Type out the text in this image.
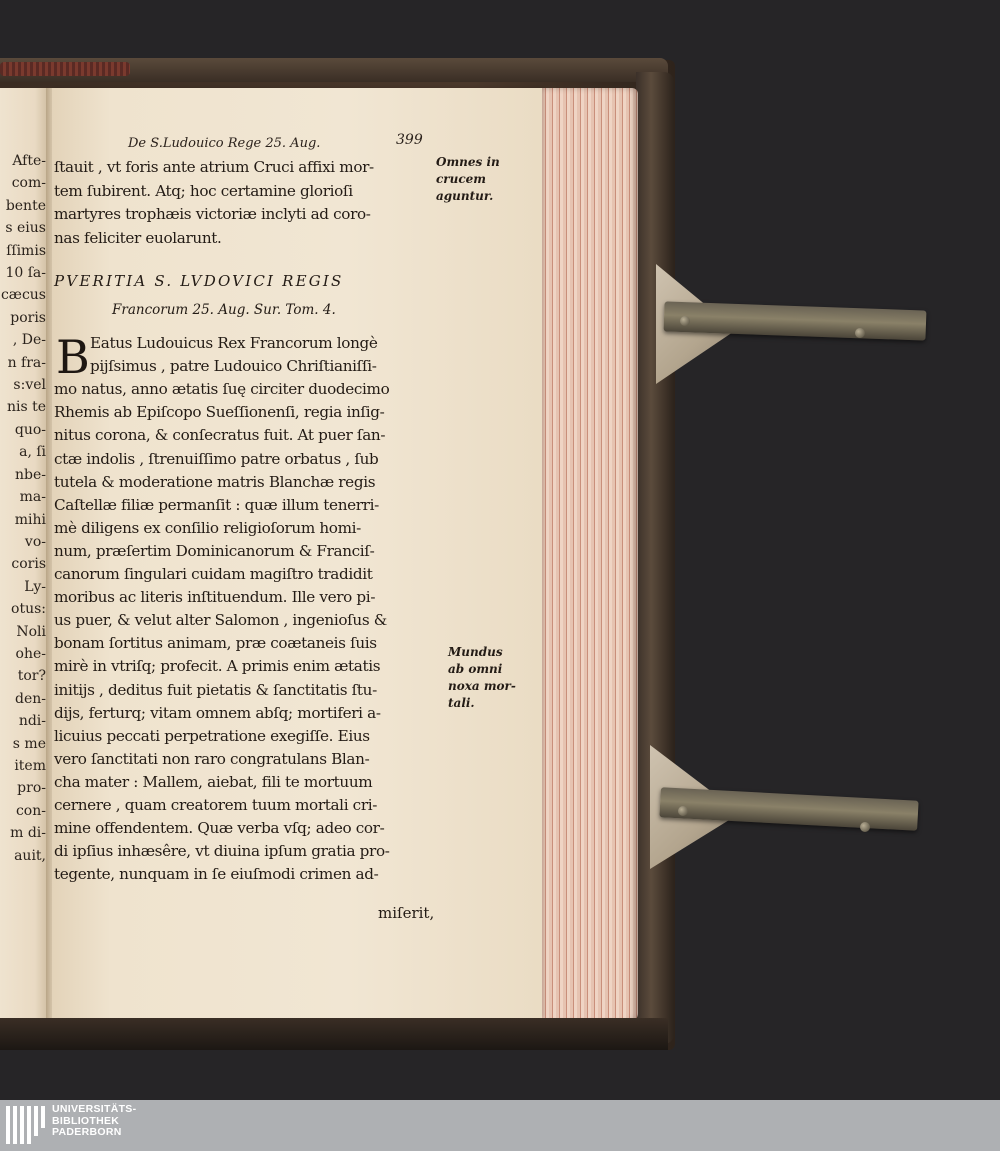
Afte-
com-
bente
s eius
ſſimis
10 ſa-
cæcus
poris
, De-
n fra-
s:vel
nis te
quo-
a, ſi
nbe-
ma-
mihi
vo-
coris
Ly-
otus:
Noli
ohe-
tor?
den-
ndi-
s me
item
pro-
con-
m di-
auit,
De S.Ludouico Rege 25. Aug.	399
ſtauit , vt foris ante atrium Cruci affixi mor-
tem ſubirent. Atq; hoc certamine glorioſi
martyres trophæis victoriæ inclyti ad coro-
nas feliciter euolarunt.
PVERITIA S. LVDOVICI REGIS
Francorum 25. Aug. Sur. Tom. 4.
B Eatus Ludouicus Rex Francorum longè
pijſsimus , patre Ludouico Chriſtianiſſi-
mo natus, anno ætatis ſuę circiter duodecimo
Rhemis ab Epiſcopo Sueſſionenſi, regia inſig-
nitus corona, & conſecratus fuit. At puer ſan-
ctæ indolis , ſtrenuiſſimo patre orbatus , ſub
tutela & moderatione matris Blanchæ regis
Caſtellæ filiæ permanſit : quæ illum tenerri-
mè diligens ex conſilio religioſorum homi-
num, præſertim Dominicanorum & Franciſ-
canorum ſingulari cuidam magiſtro tradidit
moribus ac literis inſtituendum. Ille vero pi-
us puer, & velut alter Salomon , ingenioſus &
bonam ſortitus animam, præ coætaneis ſuis
mirè in vtriſq; profecit. A primis enim ætatis
initijs , deditus fuit pietatis & ſanctitatis ſtu-
dijs, ferturq; vitam omnem abſq; mortiferi a-
licuius peccati perpetratione exegiſſe. Eius
vero ſanctitati non raro congratulans Blan-
cha mater : Mallem, aiebat, fili te mortuum
cernere , quam creatorem tuum mortali cri-
mine offendentem. Quæ verba vſq; adeo cor-
di ipſius inhæsêre, vt diuina ipſum gratia pro-
tegente, nunquam in ſe eiuſmodi crimen ad-
miſerit,
Omnes in
crucem
aguntur.
Mundus
ab omni
noxa mor-
tali.
UNIVERSITÄTS-
BIBLIOTHEK
PADERBORN
